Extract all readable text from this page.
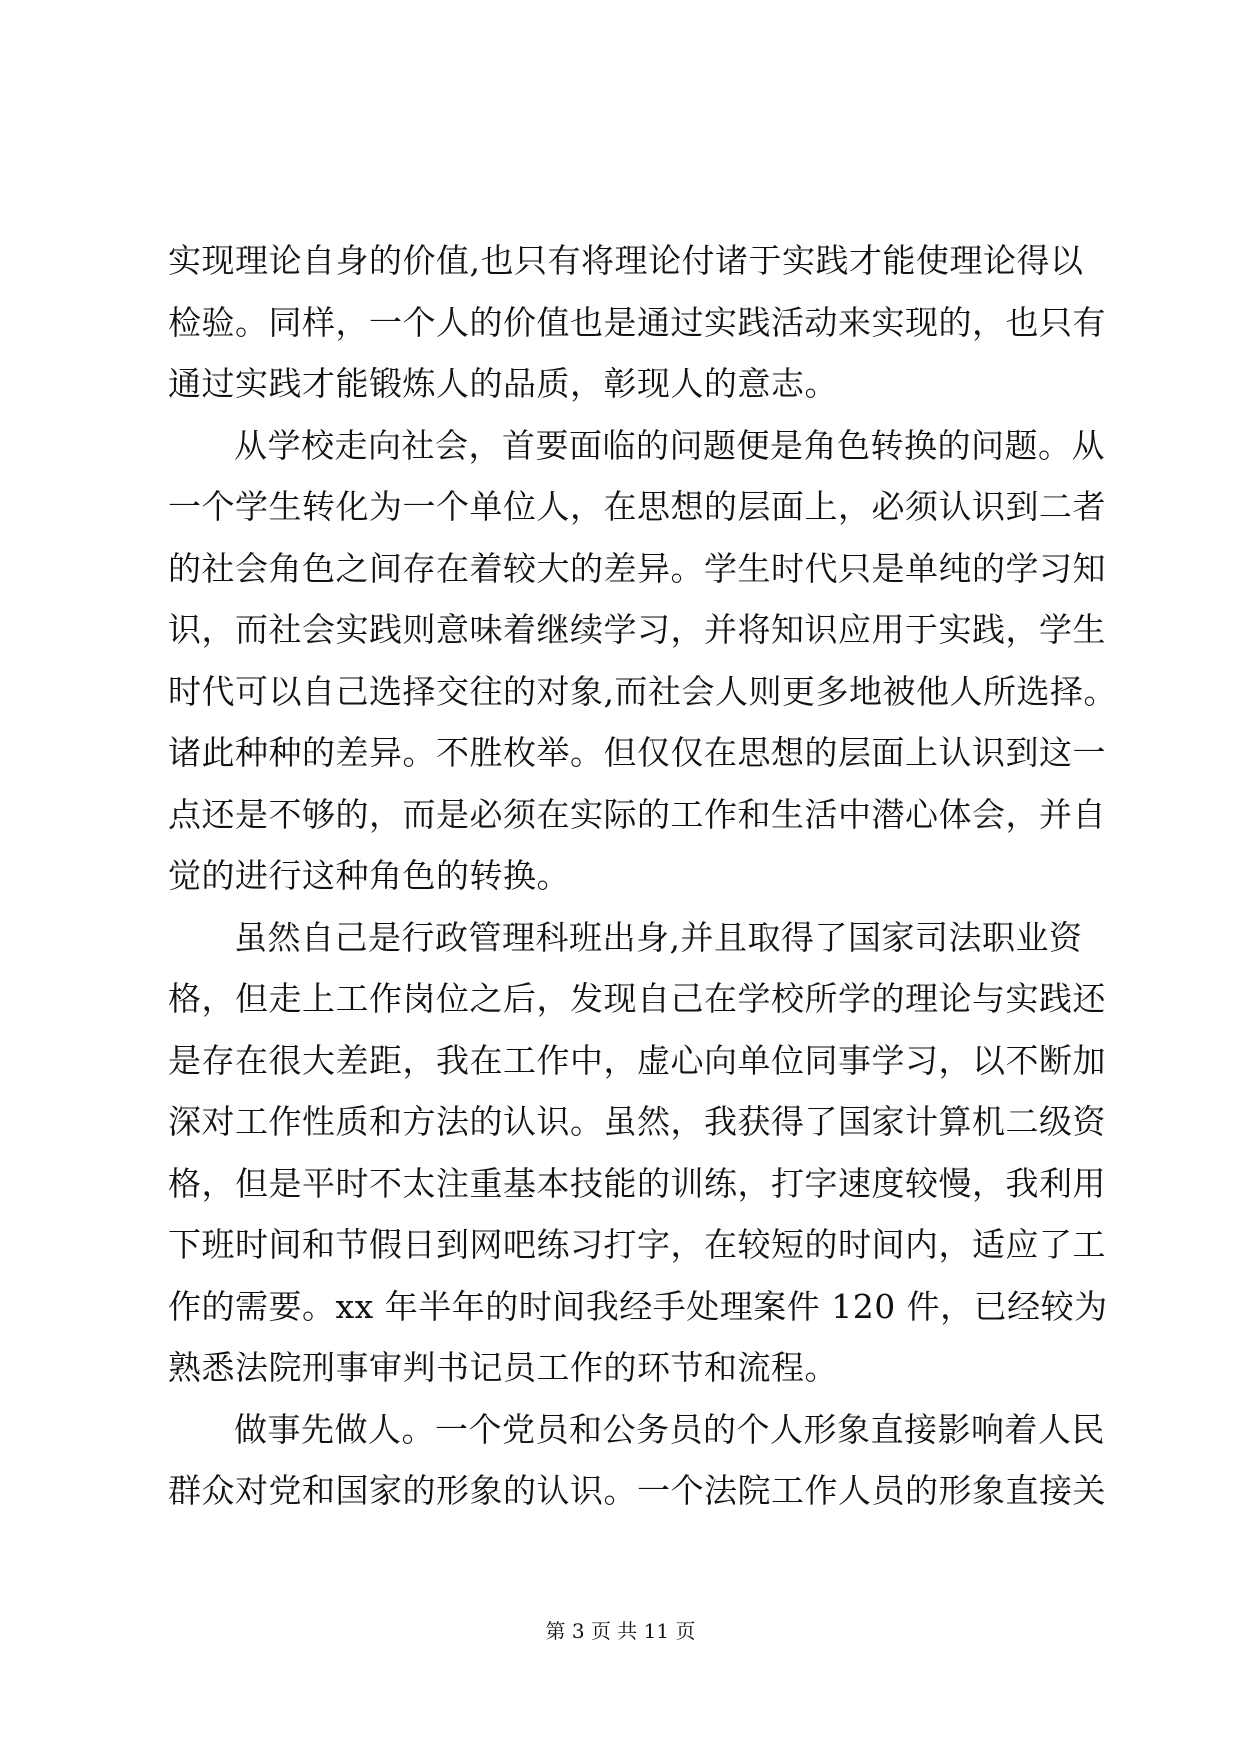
实现理论自身的价值,也只有将理论付诸于实践才能使理论得以
检验。同样，一个人的价值也是通过实践活动来实现的，也只有
通过实践才能锻炼人的品质，彰现人的意志。
从学校走向社会，首要面临的问题便是角色转换的问题。从
一个学生转化为一个单位人，在思想的层面上，必须认识到二者
的社会角色之间存在着较大的差异。学生时代只是单纯的学习知
识，而社会实践则意味着继续学习，并将知识应用于实践，学生
时代可以自己选择交往的对象,而社会人则更多地被他人所选择。
诸此种种的差异。不胜枚举。但仅仅在思想的层面上认识到这一
点还是不够的，而是必须在实际的工作和生活中潜心体会，并自
觉的进行这种角色的转换。
虽然自己是行政管理科班出身,并且取得了国家司法职业资
格，但走上工作岗位之后，发现自己在学校所学的理论与实践还
是存在很大差距，我在工作中，虚心向单位同事学习，以不断加
深对工作性质和方法的认识。虽然，我获得了国家计算机二级资
格，但是平时不太注重基本技能的训练，打字速度较慢，我利用
下班时间和节假日到网吧练习打字，在较短的时间内，适应了工
作的需要。xx 年半年的时间我经手处理案件 120 件，已经较为
熟悉法院刑事审判书记员工作的环节和流程。
做事先做人。一个党员和公务员的个人形象直接影响着人民
群众对党和国家的形象的认识。一个法院工作人员的形象直接关
第 3 页 共 11 页
